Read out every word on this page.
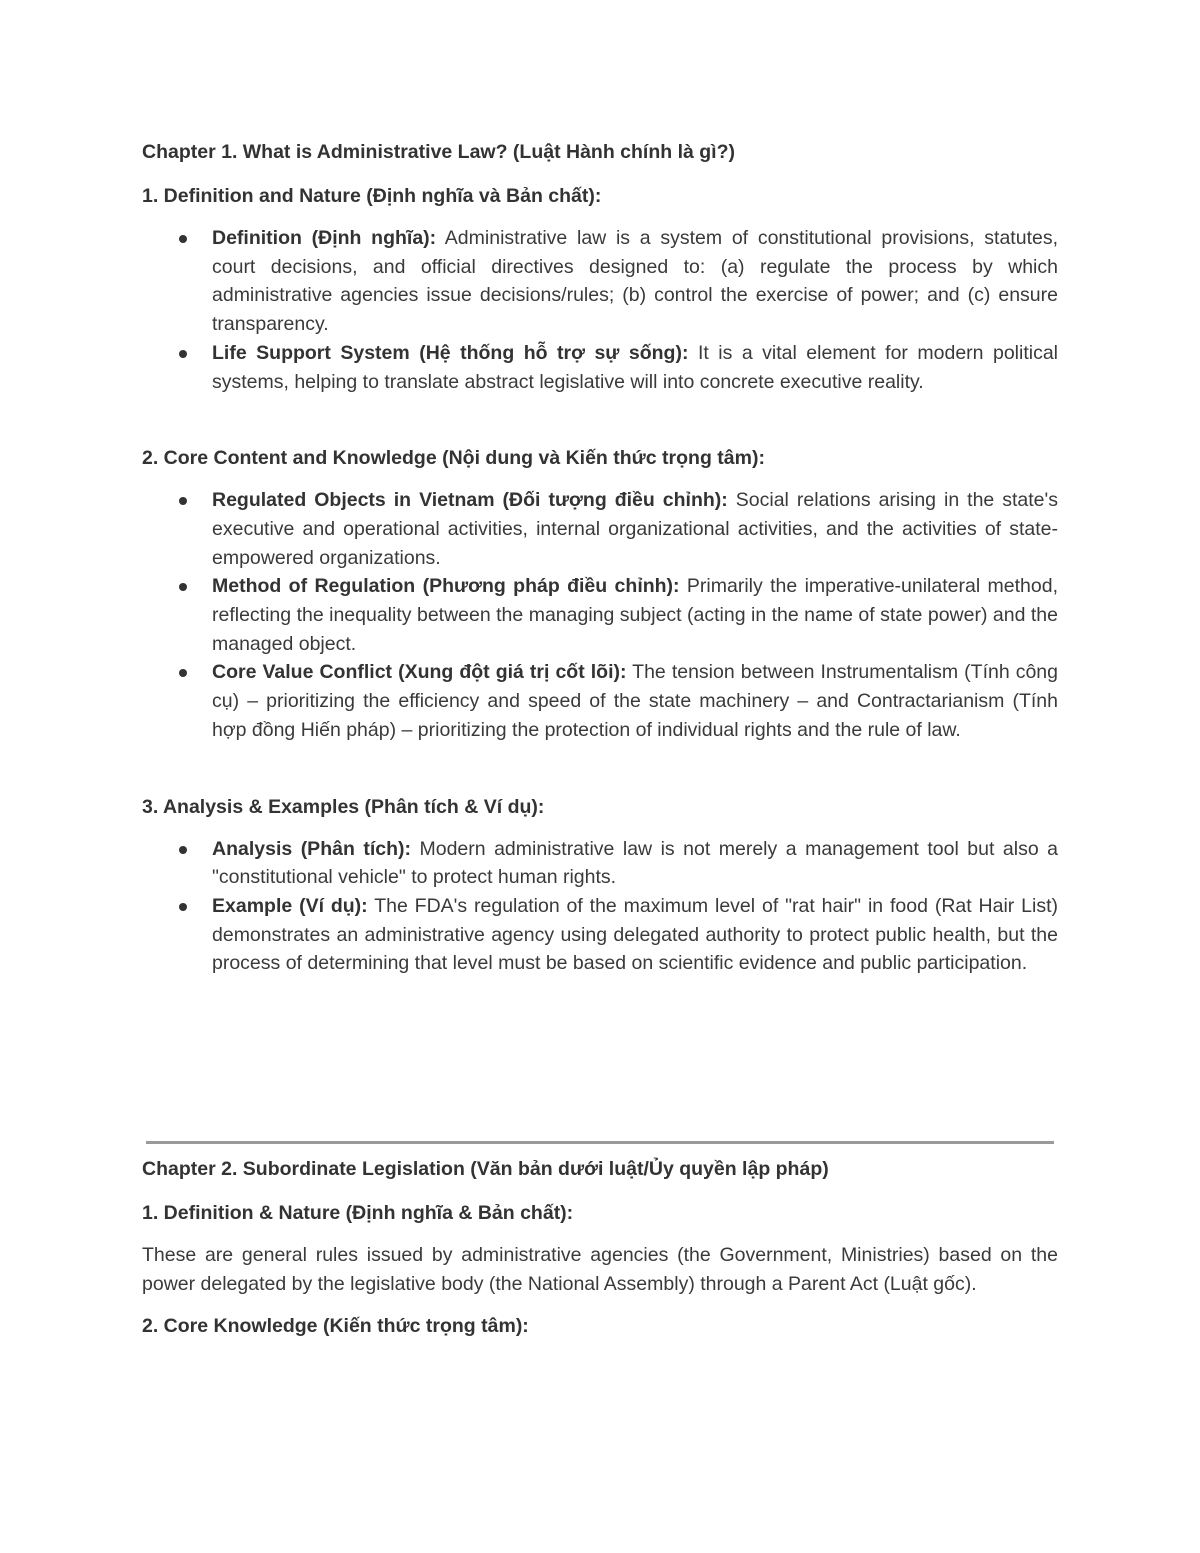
Chapter 1. What is Administrative Law? (Luật Hành chính là gì?)
1. Definition and Nature (Định nghĩa và Bản chất):
Definition (Định nghĩa): Administrative law is a system of constitutional provisions, statutes, court decisions, and official directives designed to: (a) regulate the process by which administrative agencies issue decisions/rules; (b) control the exercise of power; and (c) ensure transparency.
Life Support System (Hệ thống hỗ trợ sự sống): It is a vital element for modern political systems, helping to translate abstract legislative will into concrete executive reality.
2. Core Content and Knowledge (Nội dung và Kiến thức trọng tâm):
Regulated Objects in Vietnam (Đối tượng điều chỉnh): Social relations arising in the state's executive and operational activities, internal organizational activities, and the activities of state-empowered organizations.
Method of Regulation (Phương pháp điều chỉnh): Primarily the imperative-unilateral method, reflecting the inequality between the managing subject (acting in the name of state power) and the managed object.
Core Value Conflict (Xung đột giá trị cốt lõi): The tension between Instrumentalism (Tính công cụ) – prioritizing the efficiency and speed of the state machinery – and Contractarianism (Tính hợp đồng Hiến pháp) – prioritizing the protection of individual rights and the rule of law.
3. Analysis & Examples (Phân tích & Ví dụ):
Analysis (Phân tích): Modern administrative law is not merely a management tool but also a "constitutional vehicle" to protect human rights.
Example (Ví dụ): The FDA's regulation of the maximum level of "rat hair" in food (Rat Hair List) demonstrates an administrative agency using delegated authority to protect public health, but the process of determining that level must be based on scientific evidence and public participation.
Chapter 2. Subordinate Legislation (Văn bản dưới luật/Ủy quyền lập pháp)
1. Definition & Nature (Định nghĩa & Bản chất):

These are general rules issued by administrative agencies (the Government, Ministries) based on the power delegated by the legislative body (the National Assembly) through a Parent Act (Luật gốc).

2. Core Knowledge (Kiến thức trọng tâm):
